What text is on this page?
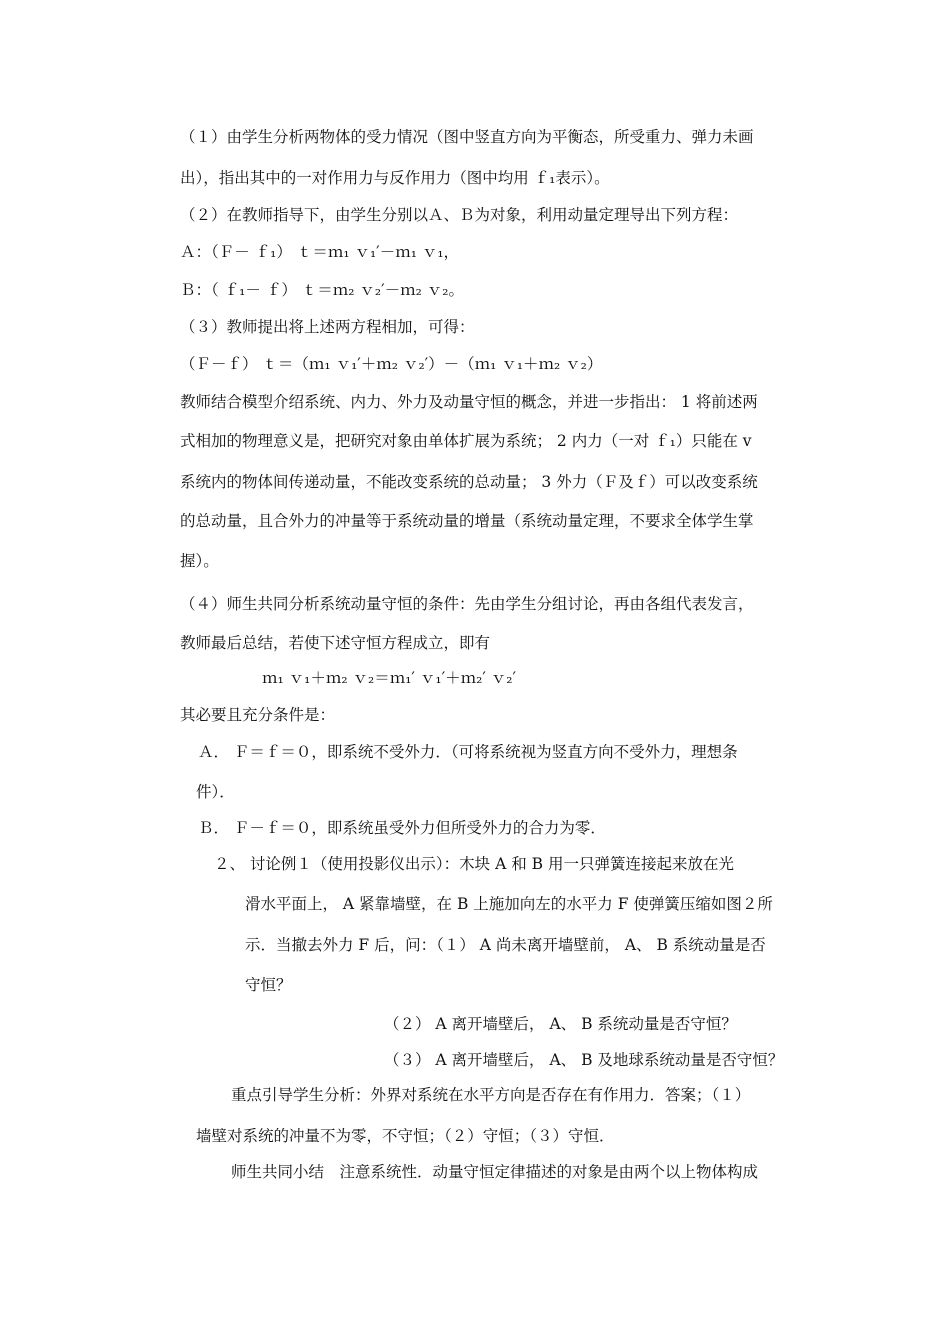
（１）由学生分析两物体的受力情况（图中竖直方向为平衡态，所受重力、弹力未画
出），指出其中的一对作用力与反作用力（图中均用 ｆ₁表示）。
（２）在教师指导下，由学生分别以Ａ、Ｂ为对象，利用动量定理导出下列方程：
Ａ：（Ｆ－ ｆ₁） ｔ＝ｍ₁ ｖ₁′－ｍ₁ ｖ₁，
Ｂ：（ ｆ₁－ ｆ） ｔ＝ｍ₂ ｖ₂′－ｍ₂ ｖ₂。
（３）教师提出将上述两方程相加，可得：
（Ｆ－ｆ） ｔ＝（ｍ₁ ｖ₁′＋ｍ₂ ｖ₂′）－（ｍ₁ ｖ₁＋ｍ₂ ｖ₂）
教师结合模型介绍系统、内力、外力及动量守恒的概念，并进一步指出： 1 将前述两
式相加的物理意义是，把研究对象由单体扩展为系统； 2 内力（一对 ｆ₁）只能在 v
系统内的物体间传递动量，不能改变系统的总动量； 3 外力（Ｆ及ｆ）可以改变系统
的总动量，且合外力的冲量等于系统动量的增量（系统动量定理，不要求全体学生掌
握）。
（４）师生共同分析系统动量守恒的条件：先由学生分组讨论，再由各组代表发言，
教师最后总结，若使下述守恒方程成立，即有
ｍ₁ ｖ₁＋ｍ₂ ｖ₂＝ｍ₁′ ｖ₁′＋ｍ₂′ ｖ₂′
其必要且充分条件是：
Ａ． Ｆ＝ｆ＝０，即系统不受外力．（可将系统视为竖直方向不受外力，理想条
件）．
Ｂ． Ｆ－ｆ＝０，即系统虽受外力但所受外力的合力为零．
２、 讨论例１（使用投影仪出示）：木块 A 和 B 用一只弹簧连接起来放在光
滑水平面上， A 紧靠墙壁，在 B 上施加向左的水平力 F 使弹簧压缩如图２所
示．当撤去外力 F 后，问：（１） A 尚未离开墙壁前， A、 B 系统动量是否
守恒？
（２） A 离开墙壁后， A、 B 系统动量是否守恒？
（３） A 离开墙壁后， A、 B 及地球系统动量是否守恒？
重点引导学生分析：外界对系统在水平方向是否存在有作用力．答案；（１）
墙壁对系统的冲量不为零，不守恒；（２）守恒；（３）守恒．
师生共同小结　注意系统性．动量守恒定律描述的对象是由两个以上物体构成
